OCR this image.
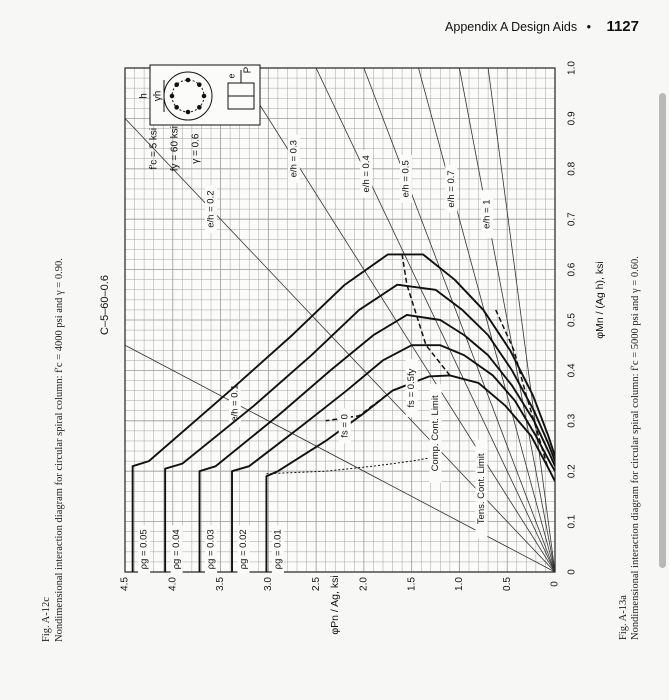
Fig. A-12c Nondimensional interaction diagram for circular spiral column: f′c = 4000 psi and γ = 0.90.
Appendix A Design Aids • 1127
e/h = 0.1
e/h = 0.2
e/h = 0.3	e/h = 0.4	e/h = 0.5	e/h = 0.7
e/h = 1
ρg = 0.01
ρg = 0.02
ρg = 0.03
ρg = 0.04
ρg = 0.05
fs = 0
fs = 0.5fy
Comp. Cont. Limit
Tens. Cont. Limit
f′c = 5 ksi fy = 60 ksi γ = 0.6
h γh
e
P
C–5–60–0.6
0
0.1
0.2
0.3
0.4
0.5
0.6
0.7
0.8
0.9
1.0
0
0.5
1.0
1.5
2.0
2.5
3.0
3.5
4.0
4.5
φMn / (Ag h), ksi
φPn / Ag, ksi	Fig. A-13a Nondimensional interaction diagram for circular spiral column: f′c = 5000 psi and γ = 0.60.
